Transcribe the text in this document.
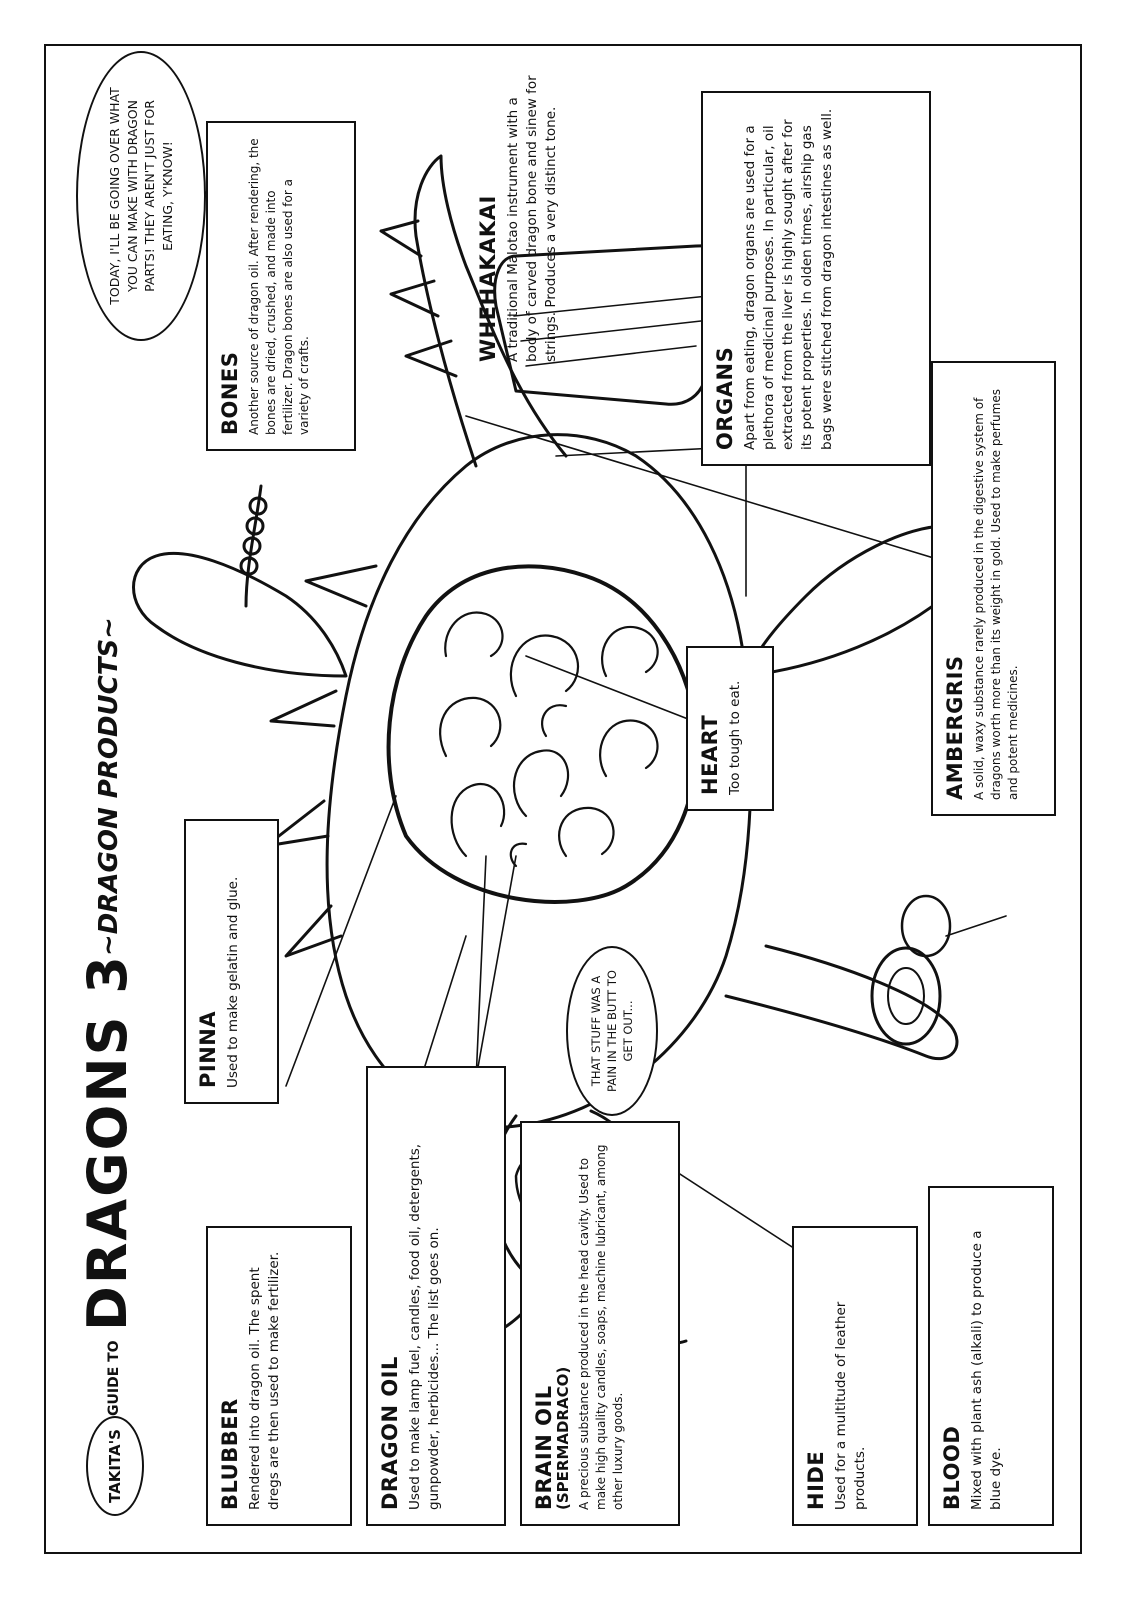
TAKITA'S
GUIDE TO
DRAGONS 3
~DRAGON PRODUCTS~
BLUBBER Rendered into dragon oil. The spent dregs are then used to make fertilizer.	DRAGON OIL Used to make lamp fuel, candles, food oil, detergents, gunpowder, herbicides... The list goes on.	BRAIN OIL
(SPERMADRACO) A precious substance produced in the head cavity. Used to make high quality candles, soaps, machine lubricant, among other luxury goods.	HIDE Used for a multitude of leather products.	BLOOD Mixed with plant ash (alkali) to produce a blue dye.
PINNA Used to make gelatin and glue.
HEART Too tough to eat.	AMBERGRIS A solid, waxy substance rarely produced in the digestive system of dragons worth more than its weight in gold. Used to make perfumes and potent medicines.
BONES Another source of dragon oil. After rendering, the bones are dried, crushed, and made into fertilizer. Dragon bones are also used for a variety of crafts.
WHEHAKAKAI A traditional Malotao instrument with a body of carved dragon bone and sinew for strings. Produces a very distinct tone.
ORGANS Apart from eating, dragon organs are used for a plethora of medicinal purposes. In particular, oil extracted from the liver is highly sought after for its potent properties. In olden times, airship gas bags were stitched from dragon intestines as well.
TODAY, I'LL BE GOING OVER WHAT YOU CAN MAKE WITH DRAGON PARTS! THEY AREN'T JUST FOR EATING, Y'KNOW!
THAT STUFF WAS A PAIN IN THE BUTT TO GET OUT...
